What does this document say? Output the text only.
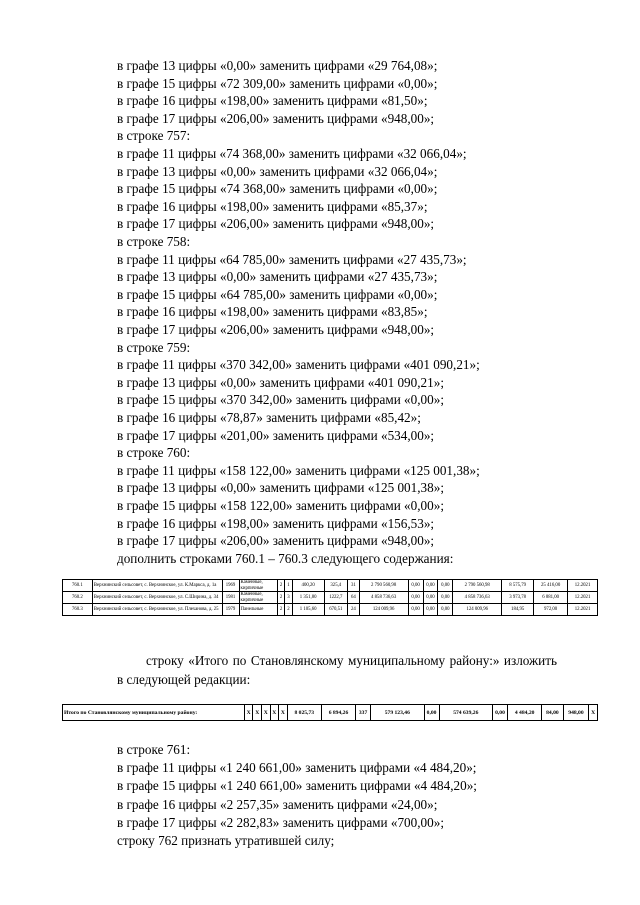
в графе 13 цифры «0,00» заменить цифрами «29 764,08»;
в графе 15 цифры «72 309,00» заменить цифрами «0,00»;
в графе 16 цифры «198,00» заменить цифрами «81,50»;
в графе 17 цифры «206,00» заменить цифрами «948,00»;
в строке 757:
в графе 11 цифры «74 368,00» заменить цифрами «32 066,04»;
в графе 13 цифры «0,00» заменить цифрами «32 066,04»;
в графе 15 цифры «74 368,00» заменить цифрами «0,00»;
в графе 16 цифры «198,00» заменить цифрами «85,37»;
в графе 17 цифры «206,00» заменить цифрами «948,00»;
в строке 758:
в графе 11 цифры «64 785,00» заменить цифрами «27 435,73»;
в графе 13 цифры «0,00» заменить цифрами «27 435,73»;
в графе 15 цифры «64 785,00» заменить цифрами «0,00»;
в графе 16 цифры «198,00» заменить цифрами «83,85»;
в графе 17 цифры «206,00» заменить цифрами «948,00»;
в строке 759:
в графе 11 цифры «370 342,00» заменить цифрами «401 090,21»;
в графе 13 цифры «0,00» заменить цифрами «401 090,21»;
в графе 15 цифры «370 342,00» заменить цифрами «0,00»;
в графе 16 цифры «78,87» заменить цифрами «85,42»;
в графе 17 цифры «201,00» заменить цифрами «534,00»;
в строке 760:
в графе 11 цифры «158 122,00» заменить цифрами «125 001,38»;
в графе 13 цифры «0,00» заменить цифрами «125 001,38»;
в графе 15 цифры «158 122,00» заменить цифрами «0,00»;
в графе 16 цифры «198,00» заменить цифрами «156,53»;
в графе 17 цифры «206,00» заменить цифрами «948,00»;
дополнить строками 760.1 – 760.3 следующего содержания:
760.1	Верхнинский сельсовет, с. Верхнинское, ул. К.Маркса, д. 1а	1969	Каменные, кирпичные	2	1	400,20	325,4	31	2 790 560,98	0,00	0,00	0,00	2 790 560,98	8 575,79	25 416,00	12.2021
760.2	Верхнинский сельсовет, с. Верхнинское, ул. С.Ширина, д. 34	1981	Каменные, кирпичные	2	3	1 351,80	1222,7	64	4 858 736,63	0,00	0,00	0,00	4 858 736,63	3 973,78	6 881,00	12.2021
760.3	Верхнинский сельсовет, с. Верхнинское, ул. Плеханова, д. 25	1979	Панельные	2	2	1 105,60	670,51	24	124 009,96	0,00	0,00	0,00	124 009,96	184,95	972,00	12.2021
строку «Итого по Становлянскому муниципальному району:» изложить в следующей редакции:
Итого по Становлянскому муниципальному району:	X	X	X	X	X	8 025,73	6 894,26	337	579 123,46	0,00	574 639,26	0,00	4 484,20	84,00	948,00	X
в строке 761:
в графе 11 цифры «1 240 661,00» заменить цифрами «4 484,20»;
в графе 15 цифры «1 240 661,00» заменить цифрами «4 484,20»;
в графе 16 цифры «2 257,35» заменить цифрами «24,00»;
в графе 17 цифры «2 282,83» заменить цифрами «700,00»;
строку 762 признать утратившей силу;
